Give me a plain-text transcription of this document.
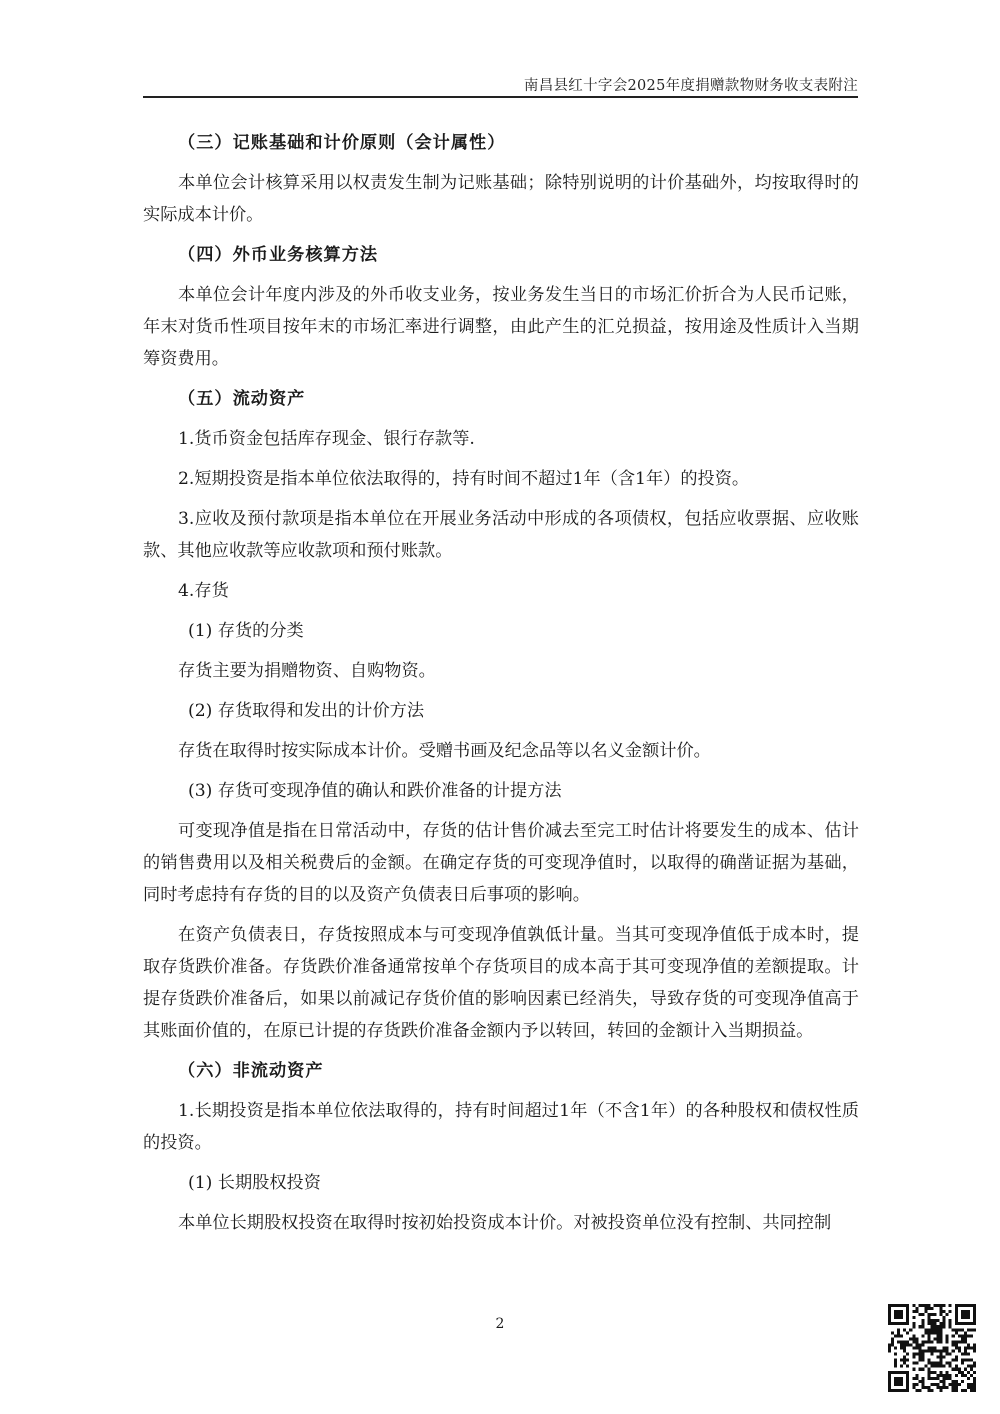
南昌县红十字会2025年度捐赠款物财务收支表附注

（三）记账基础和计价原则（会计属性）

本单位会计核算采用以权责发生制为记账基础；除特别说明的计价基础外，均按取得时的实际成本计价。

（四）外币业务核算方法

本单位会计年度内涉及的外币收支业务，按业务发生当日的市场汇价折合为人民币记账，年末对货币性项目按年末的市场汇率进行调整，由此产生的汇兑损益，按用途及性质计入当期筹资费用。

（五）流动资产

1.货币资金包括库存现金、银行存款等.

2.短期投资是指本单位依法取得的，持有时间不超过1年（含1年）的投资。

3.应收及预付款项是指本单位在开展业务活动中形成的各项债权，包括应收票据、应收账款、其他应收款等应收款项和预付账款。

4.存货

(1) 存货的分类

存货主要为捐赠物资、自购物资。

(2) 存货取得和发出的计价方法

存货在取得时按实际成本计价。受赠书画及纪念品等以名义金额计价。

(3) 存货可变现净值的确认和跌价准备的计提方法

可变现净值是指在日常活动中，存货的估计售价减去至完工时估计将要发生的成本、估计的销售费用以及相关税费后的金额。在确定存货的可变现净值时，以取得的确凿证据为基础，同时考虑持有存货的目的以及资产负债表日后事项的影响。

在资产负债表日，存货按照成本与可变现净值孰低计量。当其可变现净值低于成本时，提取存货跌价准备。存货跌价准备通常按单个存货项目的成本高于其可变现净值的差额提取。计提存货跌价准备后，如果以前减记存货价值的影响因素已经消失，导致存货的可变现净值高于其账面价值的，在原已计提的存货跌价准备金额内予以转回，转回的金额计入当期损益。

（六）非流动资产

1.长期投资是指本单位依法取得的，持有时间超过1年（不含1年）的各种股权和债权性质的投资。

(1) 长期股权投资

本单位长期股权投资在取得时按初始投资成本计价。对被投资单位没有控制、共同控制

2
